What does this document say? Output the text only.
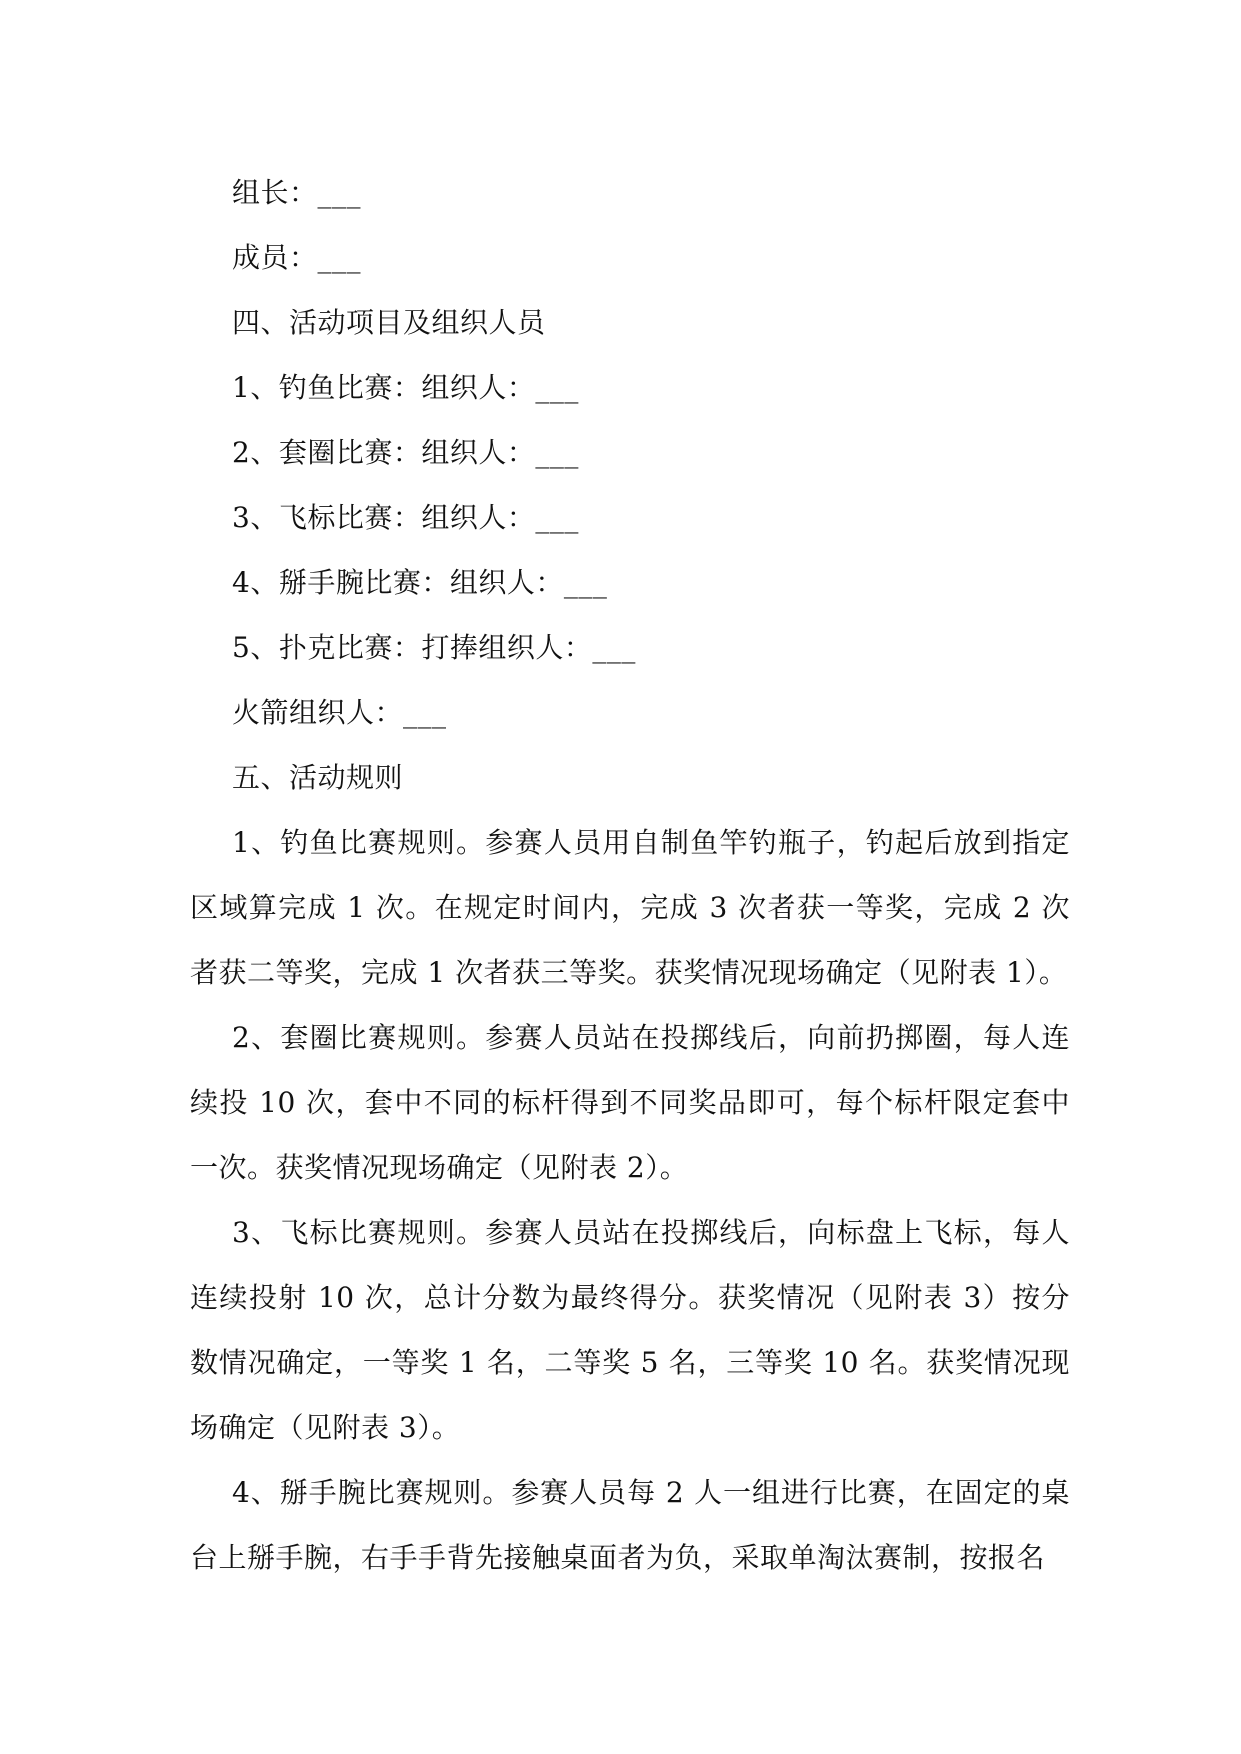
组长：___
成员：___
四、活动项目及组织人员
1、钓鱼比赛：组织人：___
2、套圈比赛：组织人：___
3、飞标比赛：组织人：___
4、掰手腕比赛：组织人：___
5、扑克比赛：打捧组织人：___
火箭组织人：___
五、活动规则
1、钓鱼比赛规则。参赛人员用自制鱼竿钓瓶子，钓起后放到指定区域算完成 1 次。在规定时间内，完成 3 次者获一等奖，完成 2 次者获二等奖，完成 1 次者获三等奖。获奖情况现场确定（见附表 1）。
2、套圈比赛规则。参赛人员站在投掷线后，向前扔掷圈，每人连续投 10 次，套中不同的标杆得到不同奖品即可，每个标杆限定套中一次。获奖情况现场确定（见附表 2）。
3、飞标比赛规则。参赛人员站在投掷线后，向标盘上飞标，每人连续投射 10 次，总计分数为最终得分。获奖情况（见附表 3）按分数情况确定，一等奖 1 名，二等奖 5 名，三等奖 10 名。获奖情况现场确定（见附表 3）。
4、掰手腕比赛规则。参赛人员每 2 人一组进行比赛，在固定的桌台上掰手腕，右手手背先接触桌面者为负，采取单淘汰赛制，按报名
